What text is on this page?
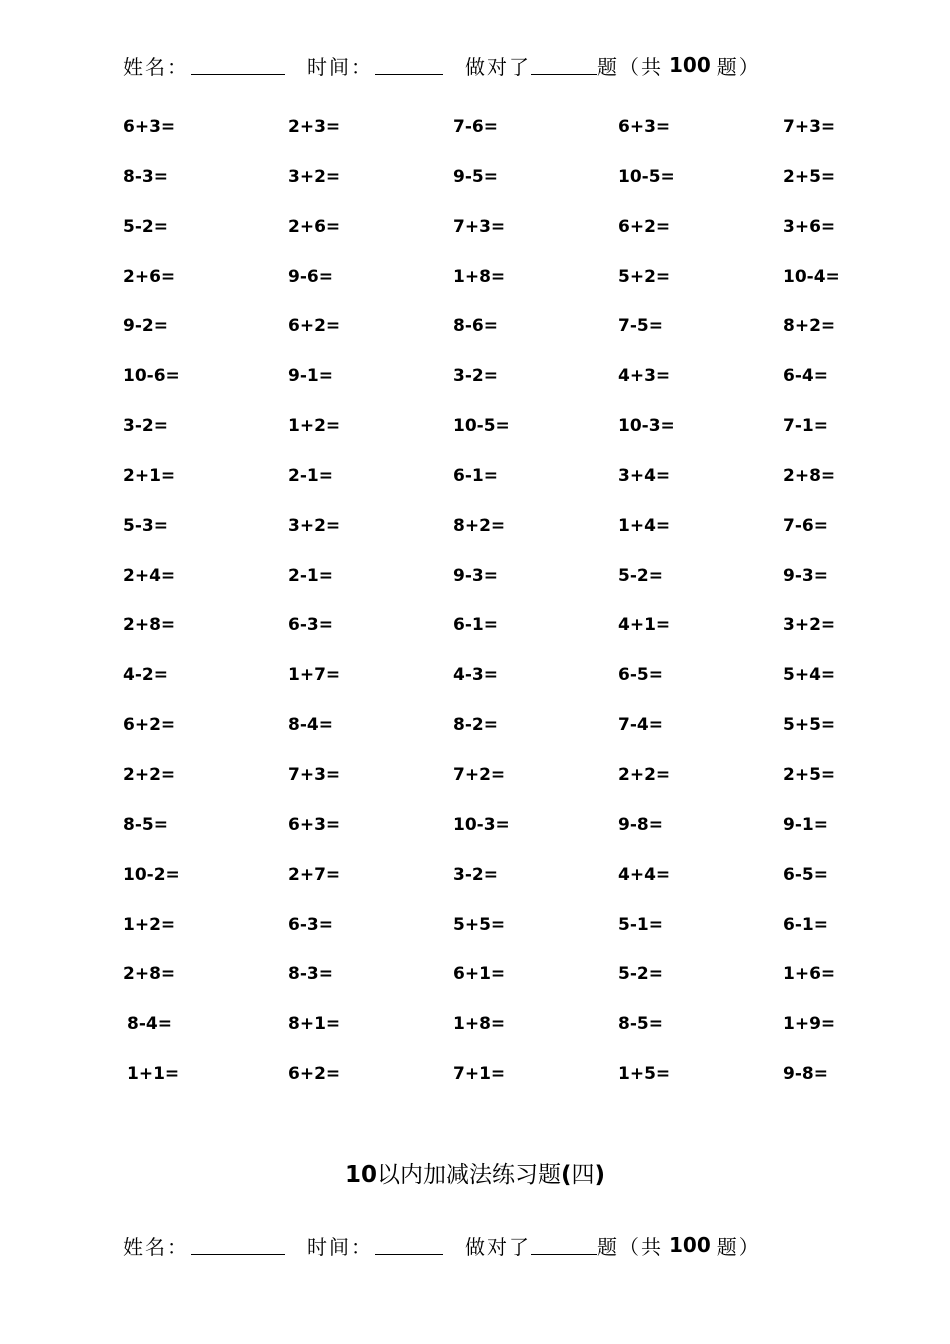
姓名：	时间：	做对了	题（共 100 题）
6+3=	2+3=	7-6=	6+3=	7+3=
8-3=	3+2=	9-5=	10-5=	2+5=
5-2=	2+6=	7+3=	6+2=	3+6=
2+6=	9-6=	1+8=	5+2=	10-4=
9-2=	6+2=	8-6=	7-5=	8+2=
10-6=	9-1=	3-2=	4+3=	6-4=
3-2=	1+2=	10-5=	10-3=	7-1=
2+1=	2-1=	6-1=	3+4=	2+8=
5-3=	3+2=	8+2=	1+4=	7-6=
2+4=	2-1=	9-3=	5-2=	9-3=
2+8=	6-3=	6-1=	4+1=	3+2=
4-2=	1+7=	4-3=	6-5=	5+4=
6+2=	8-4=	8-2=	7-4=	5+5=
2+2=	7+3=	7+2=	2+2=	2+5=
8-5=	6+3=	10-3=	9-8=	9-1=
10-2=	2+7=	3-2=	4+4=	6-5=
1+2=	6-3=	5+5=	5-1=	6-1=
2+8=	8-3=	6+1=	5-2=	1+6=
8-4=	8+1=	1+8=	8-5=	1+9=
1+1=	6+2=	7+1=	1+5=	9-8=
10以内加减法练习题(四)
姓名：	时间：	做对了	题（共 100 题）
